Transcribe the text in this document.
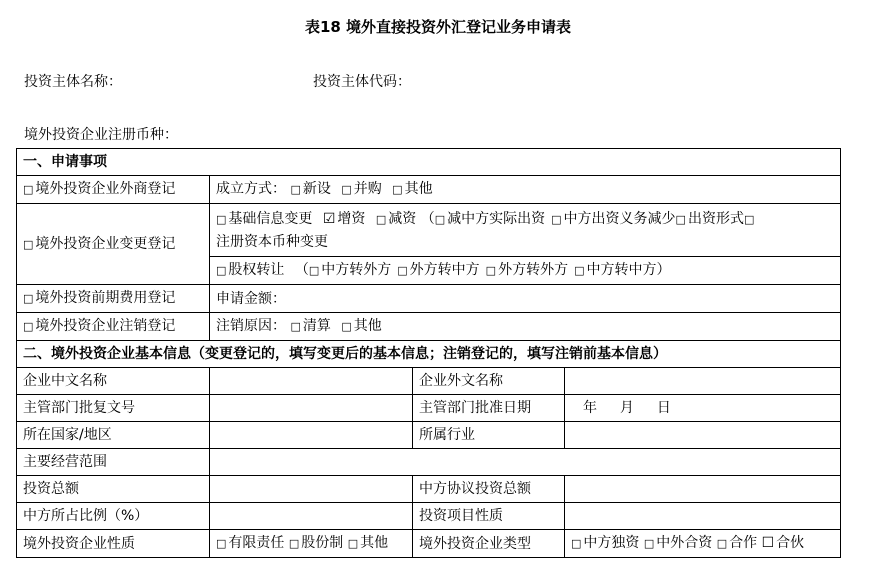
表18 境外直接投资外汇登记业务申请表
投资主体名称：	投资主体代码：
境外投资企业注册币种：
一、申请事项			
□ 境外投资企业外商登记	成立方式： □ 新设 □ 并购 □ 其他		
□ 境外投资企业变更登记	□ 基础信息变更 ☑ 增资 □ 减资 （□ 减中方实际出资 □ 中方出资义务减少□ 出资形式□
注册资本币种变更		
	□ 股权转让 （□ 中方转外方 □ 外方转中方 □ 外方转外方 □ 中方转中方）		
□ 境外投资前期费用登记	申请金额：		
□ 境外投资企业注销登记	注销原因： □ 清算 □ 其他		
二、境外投资企业基本信息（变更登记的，填写变更后的基本信息；注销登记的，填写注销前基本信息）			
企业中文名称		企业外文名称	
主管部门批复文号		主管部门批准日期	年 月 日
所在国家/地区		所属行业	
主要经营范围			
投资总额		中方协议投资总额	
中方所占比例（%）		投资项目性质	
境外投资企业性质	□ 有限责任 □ 股份制 □ 其他	境外投资企业类型	□ 中方独资 □ 中外合资 □ 合作 ☐ 合伙
